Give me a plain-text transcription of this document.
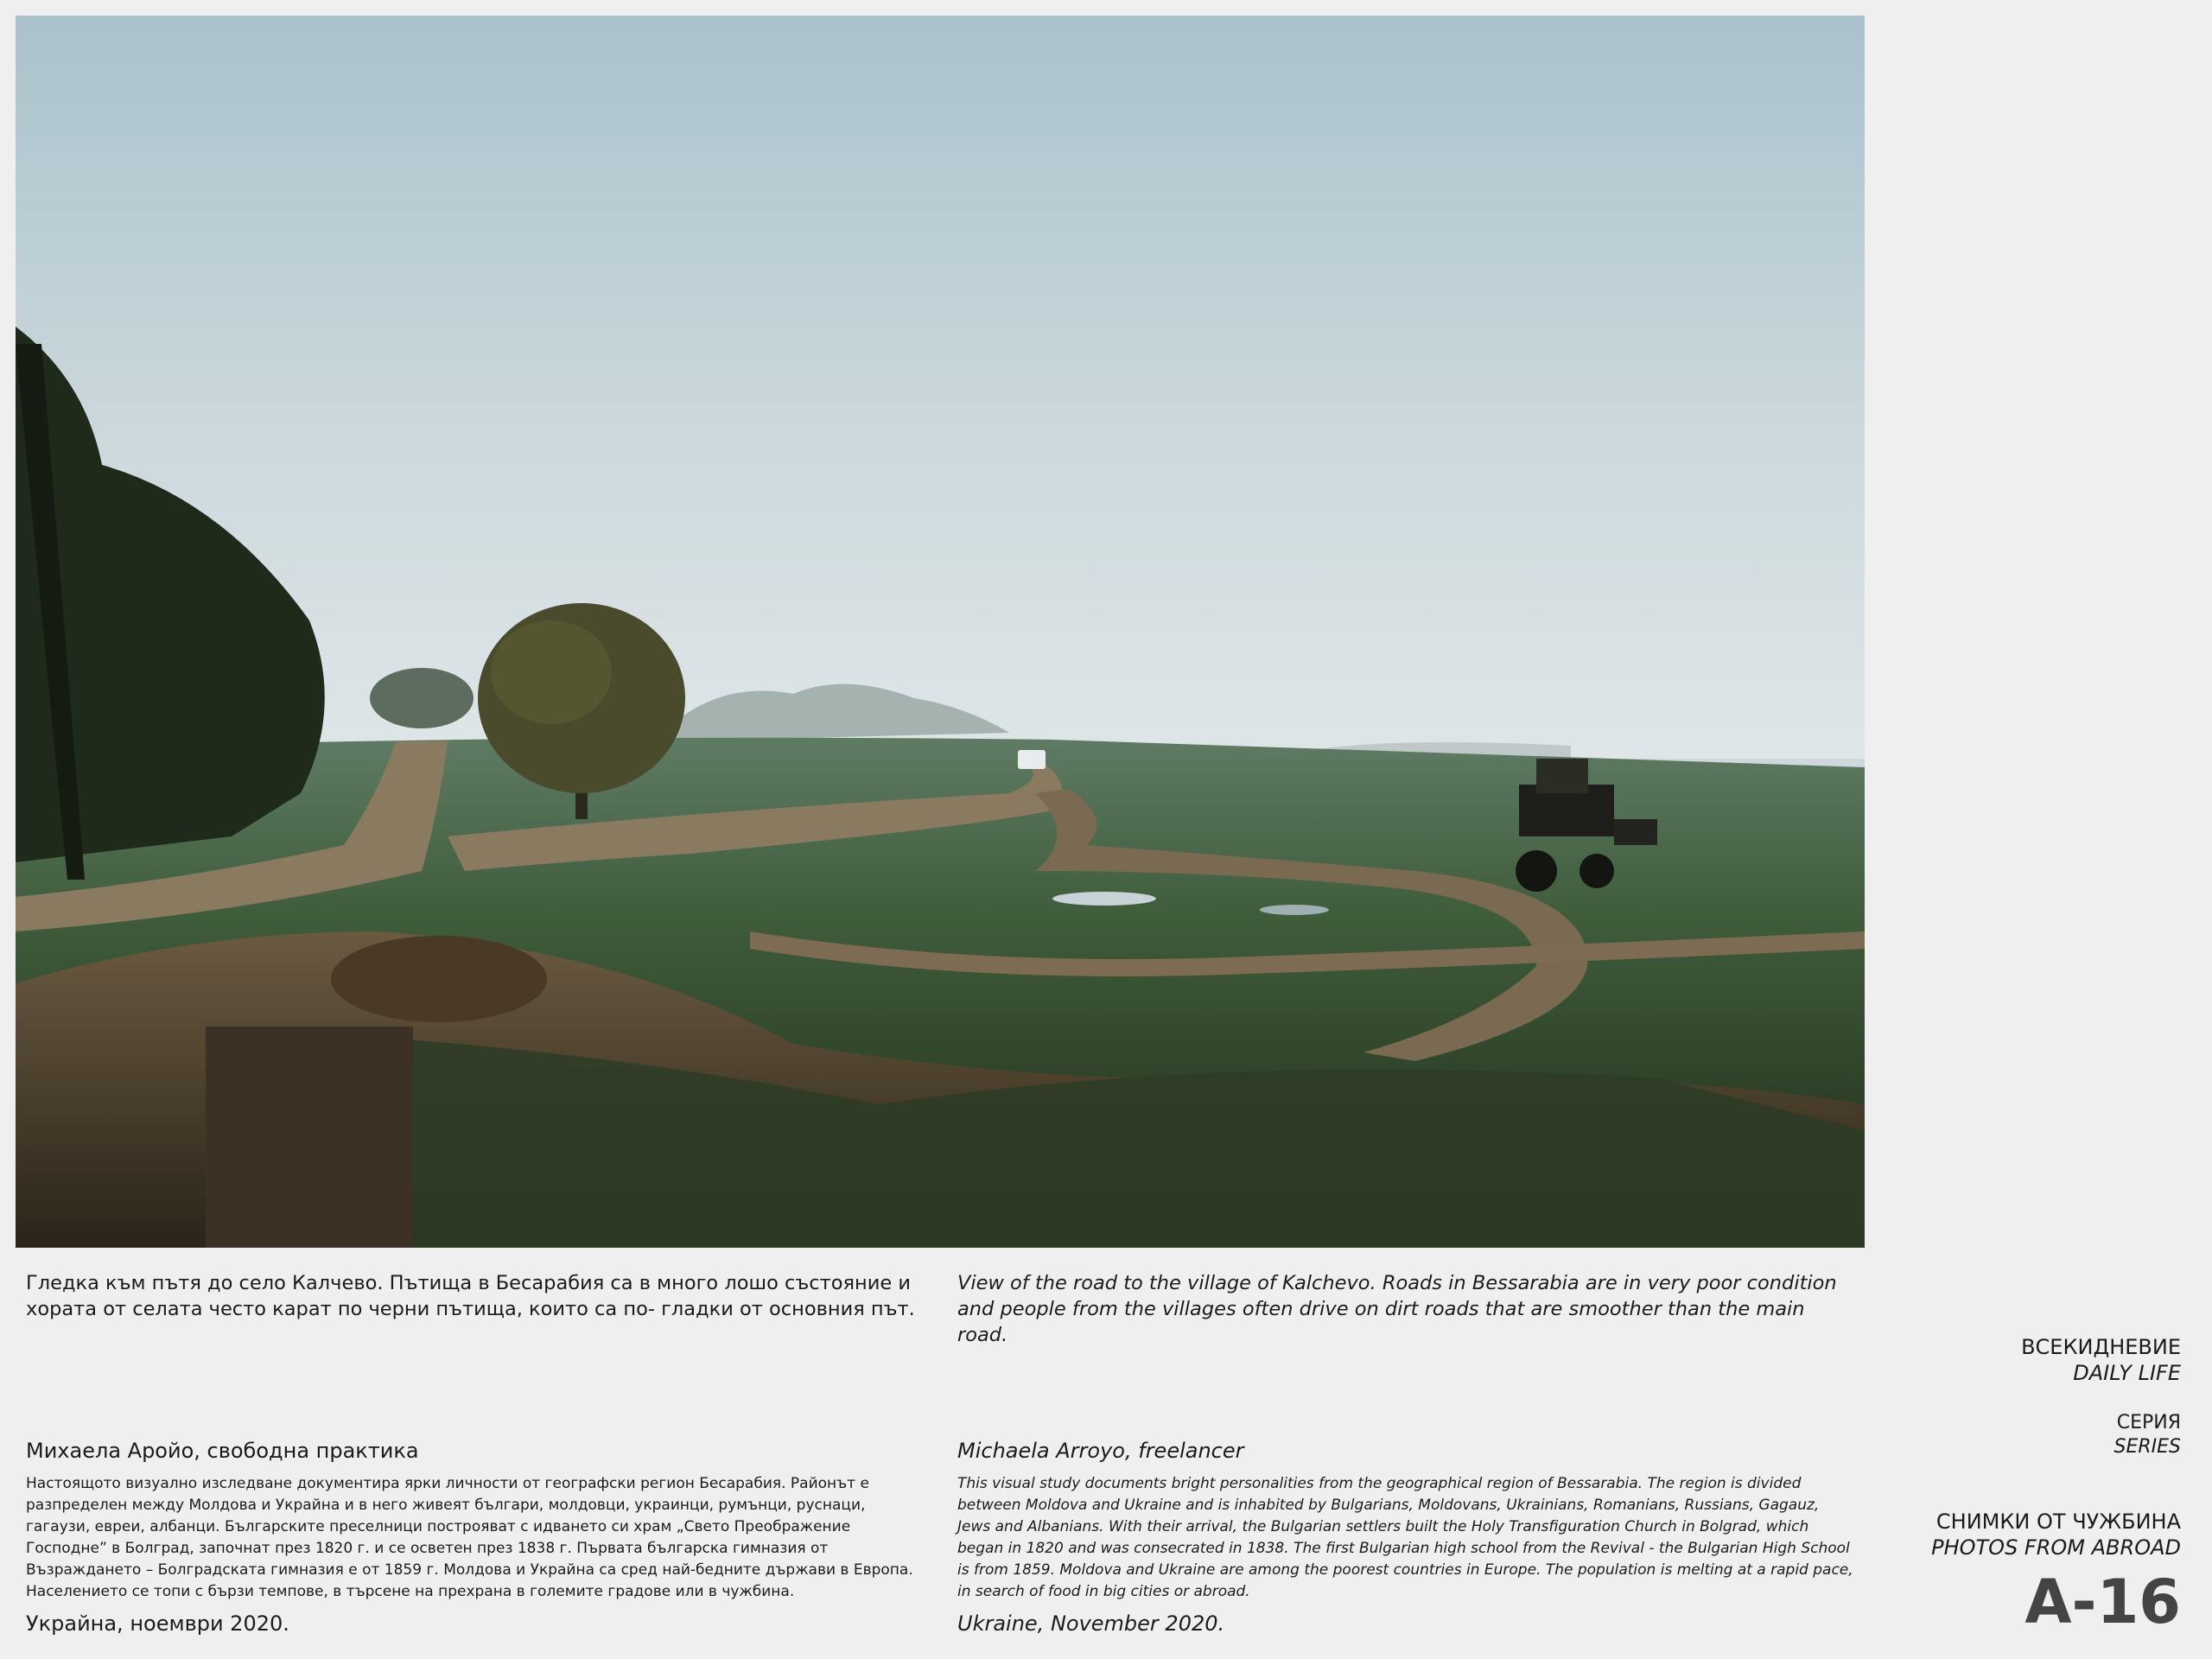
Гледка към пътя до село Калчево. Пътища в Бесарабия са в много лошо състояние и хората от селата често карат по черни пътища, които са по- гладки от основния път.

View of the road to the village of Kalchevo. Roads in Bessarabia are in very poor condition and people from the villages often drive on dirt roads that are smoother than the main road.

Михаела Аройо, свободна практика	Michaela Arroyo, freelancer

Настоящото визуално изследване документира ярки личности от географски регион Бесарабия. Районът е разпределен между Молдова и Украйна и в него живеят българи, молдовци, украинци, румънци, руснаци, гагаузи, евреи, албанци. Българските преселници построяват с идването си храм „Свето Преображение Господне” в Болград, започнат през 1820 г. и се осветен през 1838 г. Първата българска гимназия от Възраждането – Болградската гимназия е от 1859 г. Молдова и Украйна са сред най-бедните държави в Европа. Населението се топи с бързи темпове, в търсене на прехрана в големите градове или в чужбина.

This visual study documents bright personalities from the geographical region of Bessarabia. The region is divided between Moldova and Ukraine and is inhabited by Bulgarians, Moldovans, Ukrainians, Romanians, Russians, Gagauz, Jews and Albanians. With their arrival, the Bulgarian settlers built the Holy Transfiguration Church in Bolgrad, which began in 1820 and was consecrated in 1838. The first Bulgarian high school from the Revival - the Bulgarian High School is from 1859. Moldova and Ukraine are among the poorest countries in Europe. The population is melting at a rapid pace, in search of food in big cities or abroad.

Украйна, ноември 2020.	Ukraine, November 2020.

ВСЕКИДНЕВИЕ
DAILY LIFE

СЕРИЯ
SERIES

СНИМКИ ОТ ЧУЖБИНА
PHOTOS FROM ABROAD

A-16
